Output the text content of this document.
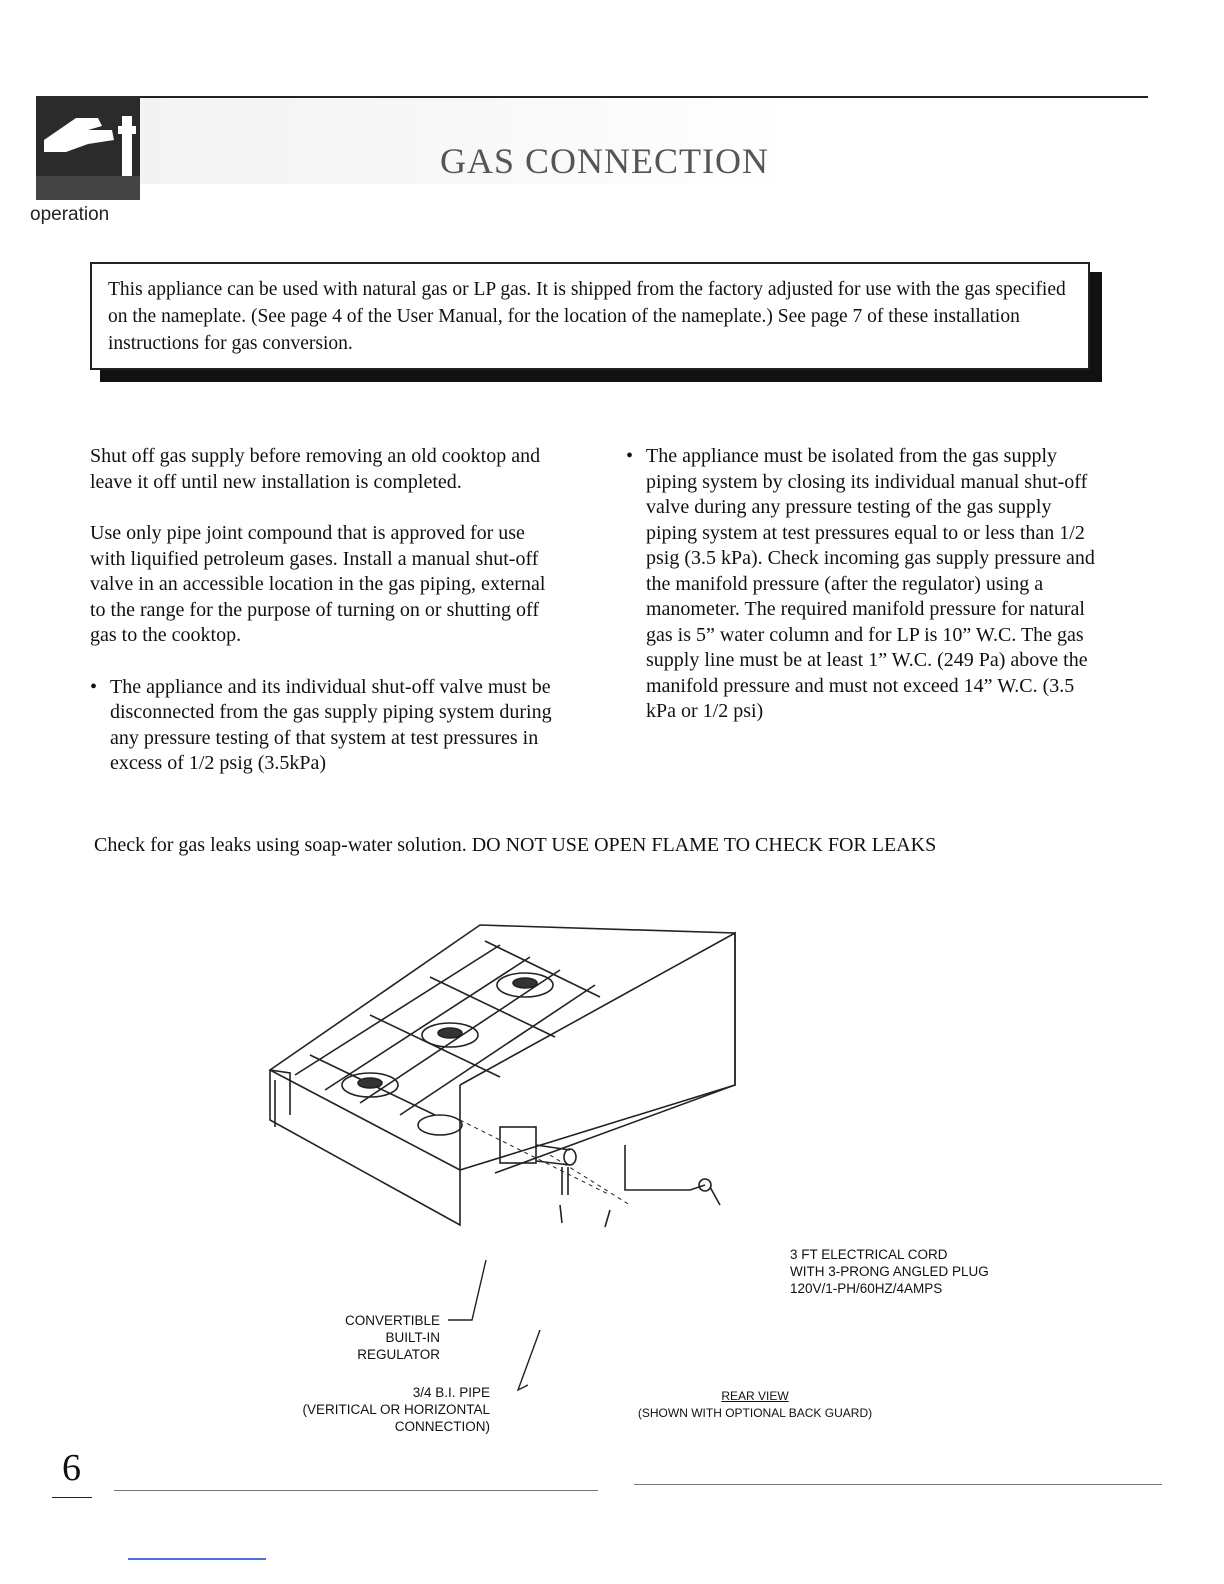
GAS CONNECTION
operation
This appliance can be used with natural gas or LP gas. It is shipped from the factory adjusted for use with the gas specified on the nameplate. (See page 4 of the User Manual, for the location of the nameplate.) See page 7 of these installation instructions for gas conversion.

Shut off gas supply before removing an old cooktop and leave it off until new installation is completed.

Use only pipe joint compound that is approved for use with liquified petroleum gases. Install a manual shut-off valve in an accessible location in the gas piping, external to the range for the purpose of turning on or shutting off gas to the cooktop.

• The appliance and its individual shut-off valve must be disconnected from the gas supply piping system during any pressure testing of that system at test pressures in excess of 1/2 psig (3.5kPa)
• The appliance must be isolated from the gas supply piping system by closing its individual manual shut-off valve during any pressure testing of the gas supply piping system at test pressures equal to or less than 1/2 psig (3.5 kPa). Check incoming gas supply pressure and the manifold pressure (after the regulator) using a manometer. The required manifold pressure for natural gas is 5” water column and for LP is 10” W.C. The gas supply line must be at least 1” W.C. (249 Pa) above the manifold pressure and must not exceed 14” W.C. (3.5 kPa or 1/2 psi)
Check for gas leaks using soap-water solution. DO NOT USE OPEN FLAME TO CHECK FOR LEAKS
CONVERTIBLE
BUILT-IN
REGULATOR
3/4 B.I. PIPE
(VERITICAL OR HORIZONTAL
CONNECTION)
3 FT ELECTRICAL CORD
WITH 3-PRONG ANGLED PLUG
120V/1-PH/60HZ/4AMPS
REAR VIEW
(SHOWN WITH OPTIONAL BACK GUARD)
6
